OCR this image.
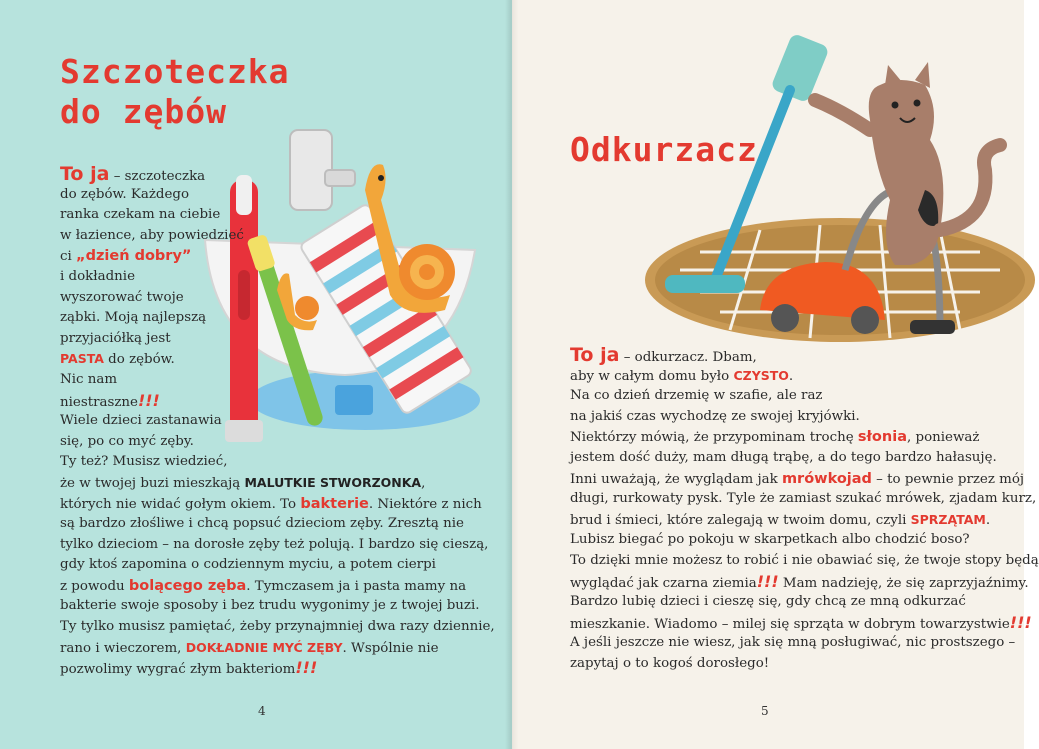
Szczoteczka
do zębów
To ja – szczoteczka
do zębów. Każdego
ranka czekam na ciebie
w łazience, aby powiedzieć
ci „dzień dobry”
i dokładnie
wyszorować twoje
ząbki. Moją najlepszą
przyjaciółką jest
PASTA do zębów.
Nic nam
niestraszne!!!
Wiele dzieci zastanawia
się, po co myć zęby.
Ty też? Musisz wiedzieć,
że w twojej buzi mieszkają MALUTKIE STWORZONKA,
których nie widać gołym okiem. To bakterie. Niektóre z nich
są bardzo złośliwe i chcą popsuć dzieciom zęby. Zresztą nie
tylko dzieciom – na dorosłe zęby też polują. I bardzo się cieszą,
gdy ktoś zapomina o codziennym myciu, a potem cierpi
z powodu bolącego zęba. Tymczasem ja i pasta mamy na
bakterie swoje sposoby i bez trudu wygonimy je z twojej buzi.
Ty tylko musisz pamiętać, żeby przynajmniej dwa razy dziennie,
rano i wieczorem, DOKŁADNIE MYĆ ZĘBY. Wspólnie nie
pozwolimy wygrać złym bakteriom!!!
4
Odkurzacz
To ja – odkurzacz. Dbam,
aby w całym domu było CZYSTO.
Na co dzień drzemię w szafie, ale raz
na jakiś czas wychodzę ze swojej kryjówki.
Niektórzy mówią, że przypominam trochę słonia, ponieważ
jestem dość duży, mam długą trąbę, a do tego bardzo hałasuję.
Inni uważają, że wyglądam jak mrówkojad – to pewnie przez mój
długi, rurkowaty pysk. Tyle że zamiast szukać mrówek, zjadam kurz,
brud i śmieci, które zalegają w twoim domu, czyli SPRZĄTAM.
Lubisz biegać po pokoju w skarpetkach albo chodzić boso?
To dzięki mnie możesz to robić i nie obawiać się, że twoje stopy będą
wyglądać jak czarna ziemia!!! Mam nadzieję, że się zaprzyjaźnimy.
Bardzo lubię dzieci i cieszę się, gdy chcą ze mną odkurzać
mieszkanie. Wiadomo – milej się sprząta w dobrym towarzystwie!!!
A jeśli jeszcze nie wiesz, jak się mną posługiwać, nic prostszego –
zapytaj o to kogoś dorosłego!
5
